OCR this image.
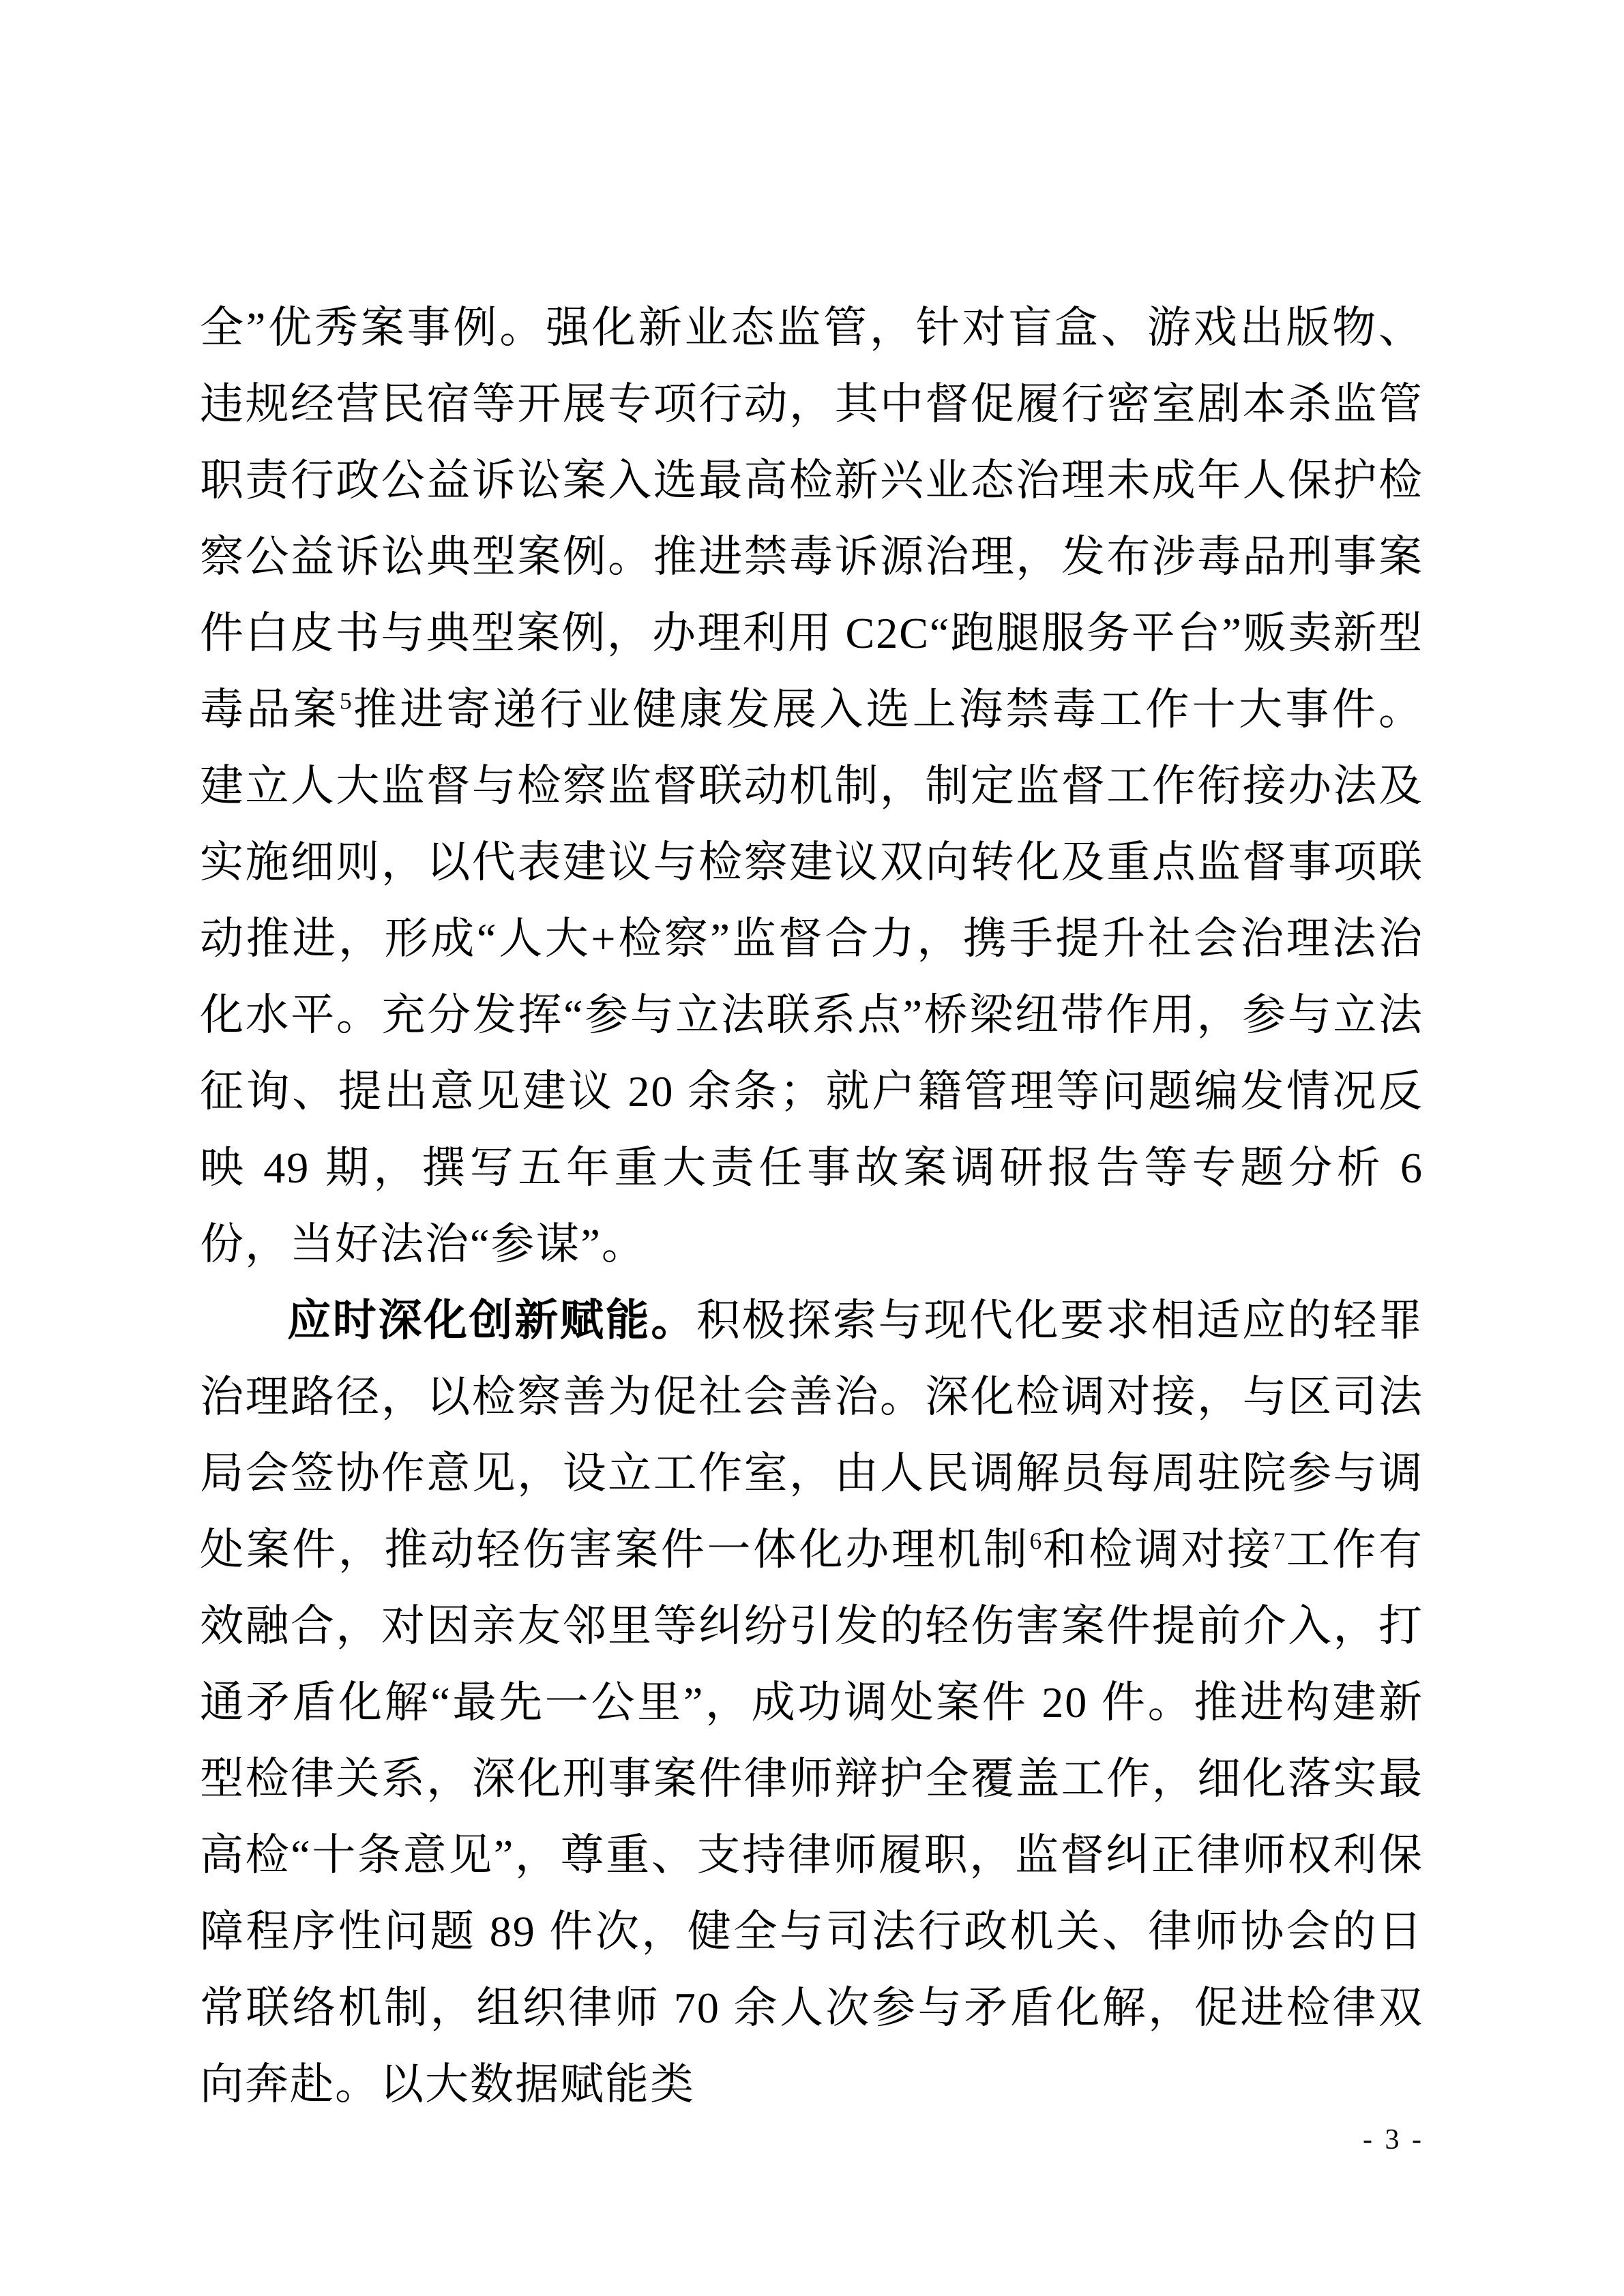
全”优秀案事例。强化新业态监管，针对盲盒、游戏出版物、违规经营民宿等开展专项行动，其中督促履行密室剧本杀监管职责行政公益诉讼案入选最高检新兴业态治理未成年人保护检察公益诉讼典型案例。推进禁毒诉源治理，发布涉毒品刑事案件白皮书与典型案例，办理利用 C2C“跑腿服务平台”贩卖新型毒品案$^5$推进寄递行业健康发展入选上海禁毒工作十大事件。建立人大监督与检察监督联动机制，制定监督工作衔接办法及实施细则，以代表建议与检察建议双向转化及重点监督事项联动推进，形成“人大+检察”监督合力，携手提升社会治理法治化水平。充分发挥“参与立法联系点”桥梁纽带作用，参与立法征询、提出意见建议 20 余条；就户籍管理等问题编发情况反映 49 期，撰写五年重大责任事故案调研报告等专题分析 6 份，当好法治“参谋”。

应时深化创新赋能。积极探索与现代化要求相适应的轻罪治理路径，以检察善为促社会善治。深化检调对接，与区司法局会签协作意见，设立工作室，由人民调解员每周驻院参与调处案件，推动轻伤害案件一体化办理机制$^6$和检调对接$^7$工作有效融合，对因亲友邻里等纠纷引发的轻伤害案件提前介入，打通矛盾化解“最先一公里”，成功调处案件 20 件。推进构建新型检律关系，深化刑事案件律师辩护全覆盖工作，细化落实最高检“十条意见”，尊重、支持律师履职，监督纠正律师权利保障程序性问题 89 件次，健全与司法行政机关、律师协会的日常联络机制，组织律师 70 余人次参与矛盾化解，促进检律双向奔赴。以大数据赋能类

- 3 -
